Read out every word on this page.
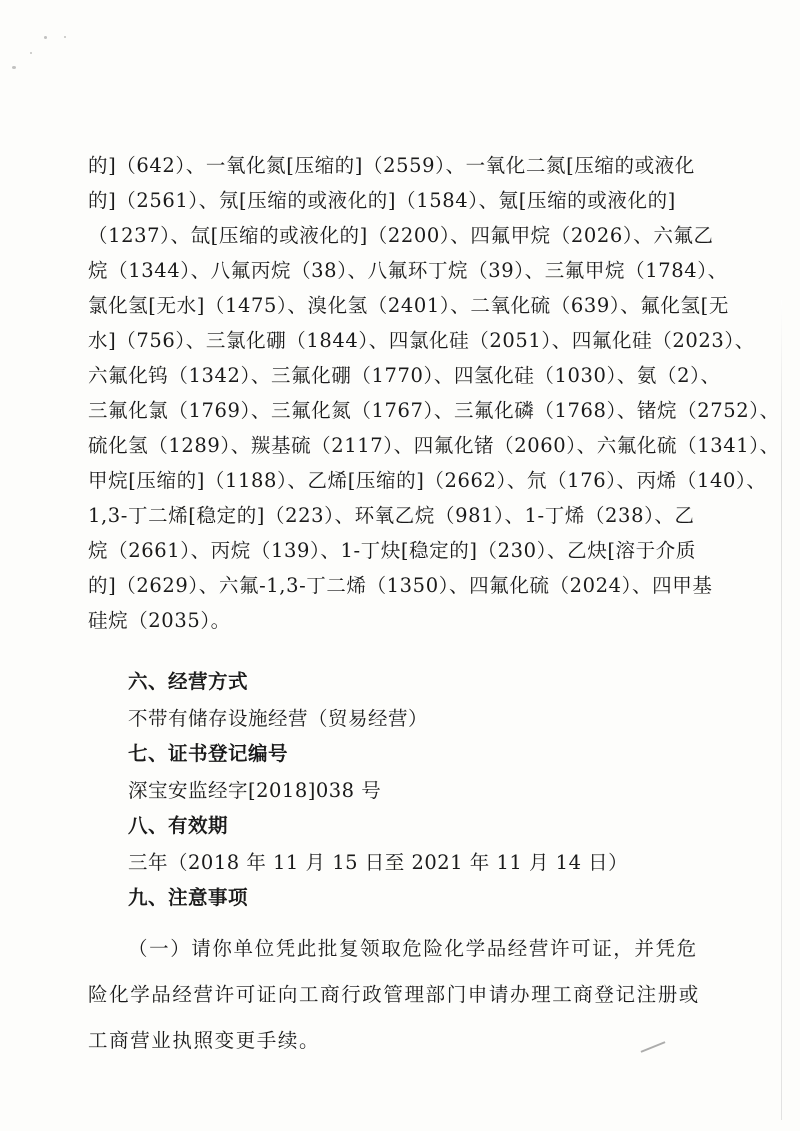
的]（642）、一氧化氮[压缩的]（2559）、一氧化二氮[压缩的或液化
的]（2561）、氖[压缩的或液化的]（1584）、氪[压缩的或液化的]
（1237）、氙[压缩的或液化的]（2200）、四氟甲烷（2026）、六氟乙
烷（1344）、八氟丙烷（38）、八氟环丁烷（39）、三氟甲烷（1784）、
氯化氢[无水]（1475）、溴化氢（2401）、二氧化硫（639）、氟化氢[无
水]（756）、三氯化硼（1844）、四氯化硅（2051）、四氟化硅（2023）、
六氟化钨（1342）、三氟化硼（1770）、四氢化硅（1030）、氨（2）、
三氟化氯（1769）、三氟化氮（1767）、三氟化磷（1768）、锗烷（2752）、
硫化氢（1289）、羰基硫（2117）、四氟化锗（2060）、六氟化硫（1341）、
甲烷[压缩的]（1188）、乙烯[压缩的]（2662）、氘（176）、丙烯（140）、
1,3-丁二烯[稳定的]（223）、环氧乙烷（981）、1-丁烯（238）、乙
烷（2661）、丙烷（139）、1-丁炔[稳定的]（230）、乙炔[溶于介质
的]（2629）、六氟-1,3-丁二烯（1350）、四氟化硫（2024）、四甲基
硅烷（2035）。
六、经营方式
不带有储存设施经营（贸易经营）
七、证书登记编号
深宝安监经字[2018]038 号
八、有效期
三年（2018 年 11 月 15 日至 2021 年 11 月 14 日）
九、注意事项
（一）请你单位凭此批复领取危险化学品经营许可证，并凭危
险化学品经营许可证向工商行政管理部门申请办理工商登记注册或
工商营业执照变更手续。
